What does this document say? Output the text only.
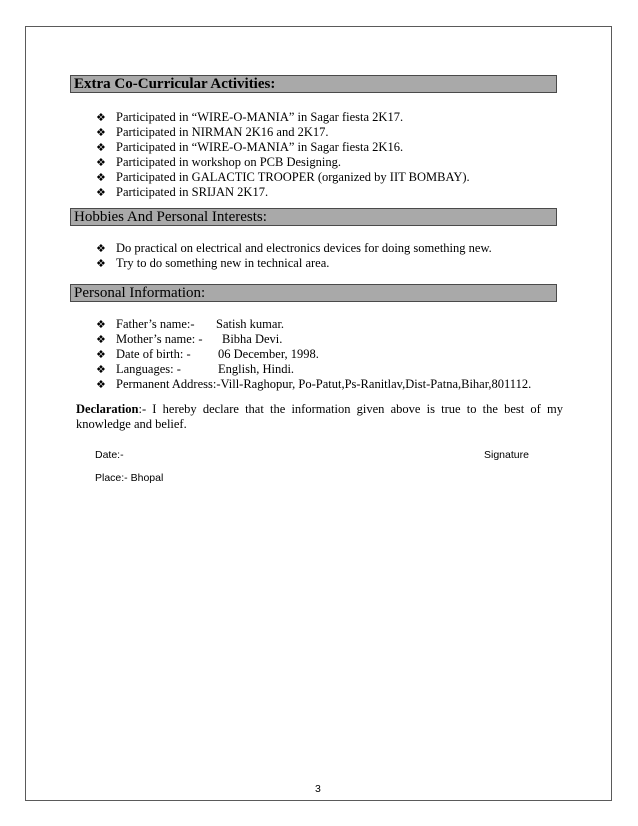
Extra Co-Curricular Activities:
❖ Participated in “WIRE-O-MANIA” in Sagar fiesta 2K17.
❖ Participated in NIRMAN 2K16 and 2K17.
❖ Participated in “WIRE-O-MANIA” in Sagar fiesta 2K16.
❖ Participated in workshop on PCB Designing.
❖ Participated in GALACTIC TROOPER (organized by IIT BOMBAY).
❖ Participated in SRIJAN 2K17.
Hobbies And Personal Interests:
❖ Do practical on electrical and electronics devices for doing something new.
❖ Try to do something new in technical area.
Personal Information:
❖ Father’s name:- Satish kumar.
❖ Mother’s name: - Bibha Devi.
❖ Date of birth: - 06 December, 1998.
❖ Languages: -	English, Hindi.
❖ Permanent Address:-Vill-Raghopur, Po-Patut,Ps-Ranitlav,Dist-Patna,Bihar,801112.
Declaration:- I hereby declare that the information given above is true to the best of my knowledge and belief.
Date:-	Signature
Place:- Bhopal
3
